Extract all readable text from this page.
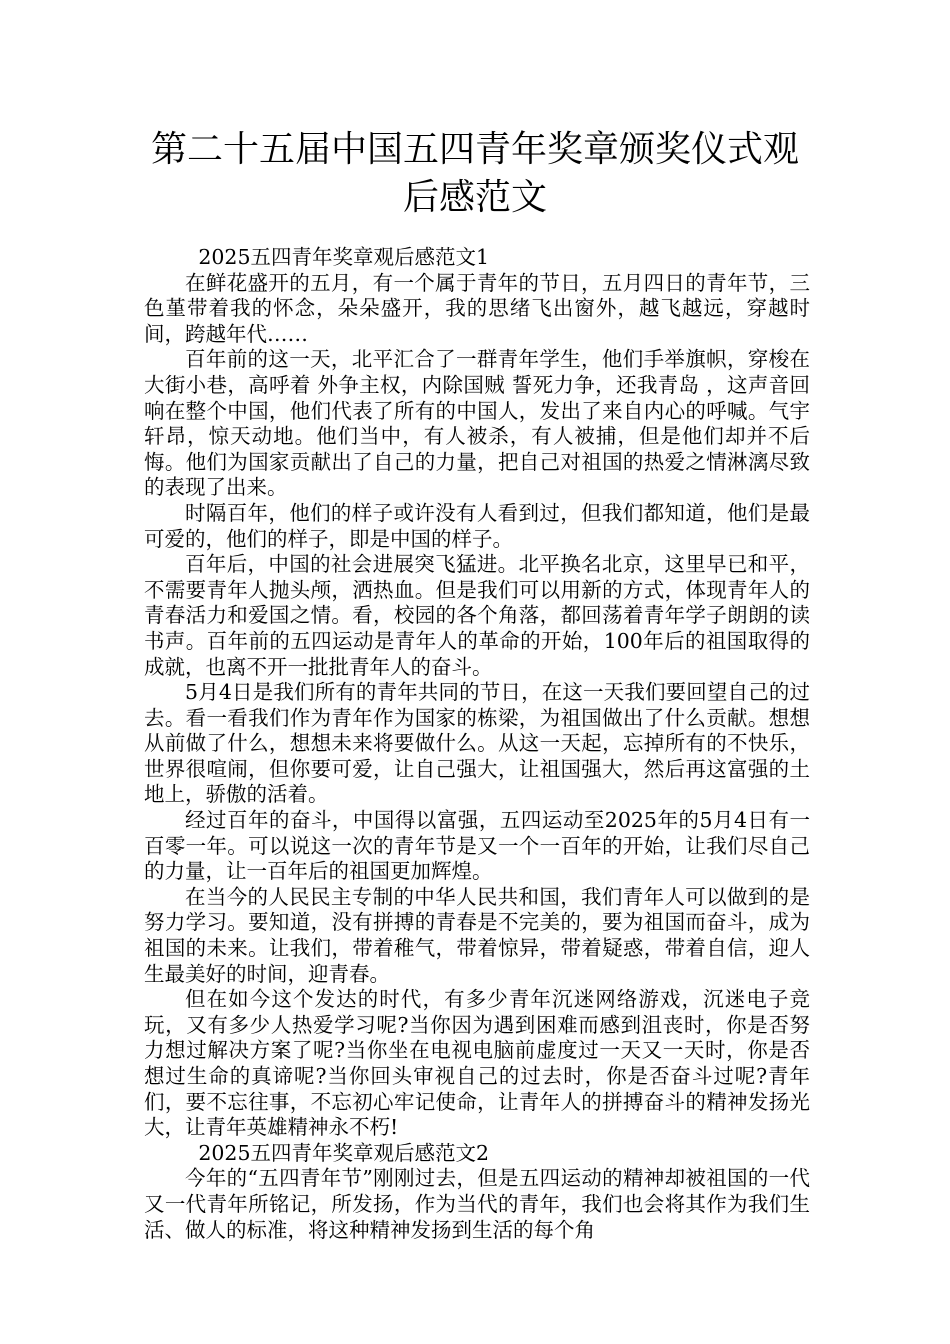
第二十五届中国五四青年奖章颁奖仪式观
后感范文

2025五四青年奖章观后感范文1

在鲜花盛开的五月，有一个属于青年的节日，五月四日的青年节，三色堇带着我的怀念，朵朵盛开，我的思绪飞出窗外，越飞越远，穿越时间，跨越年代……

百年前的这一天，北平汇合了一群青年学生，他们手举旗帜，穿梭在大街小巷，高呼着 外争主权，内除国贼 誓死力争，还我青岛 ，这声音回响在整个中国，他们代表了所有的中国人，发出了来自内心的呼喊。气宇轩昂，惊天动地。他们当中，有人被杀，有人被捕，但是他们却并不后悔。他们为国家贡献出了自己的力量，把自己对祖国的热爱之情淋漓尽致的表现了出来。

时隔百年，他们的样子或许没有人看到过，但我们都知道，他们是最可爱的，他们的样子，即是中国的样子。

百年后，中国的社会进展突飞猛进。北平换名北京，这里早已和平，不需要青年人抛头颅，洒热血。但是我们可以用新的方式，体现青年人的青春活力和爱国之情。看，校园的各个角落，都回荡着青年学子朗朗的读书声。百年前的五四运动是青年人的革命的开始，100年后的祖国取得的成就，也离不开一批批青年人的奋斗。

5月4日是我们所有的青年共同的节日，在这一天我们要回望自己的过去。看一看我们作为青年作为国家的栋梁，为祖国做出了什么贡献。想想从前做了什么，想想未来将要做什么。从这一天起，忘掉所有的不快乐，世界很喧闹，但你要可爱，让自己强大，让祖国强大，然后再这富强的土地上，骄傲的活着。

经过百年的奋斗，中国得以富强，五四运动至2025年的5月4日有一百零一年。可以说这一次的青年节是又一个一百年的开始，让我们尽自己的力量，让一百年后的祖国更加辉煌。

在当今的人民民主专制的中华人民共和国，我们青年人可以做到的是努力学习。要知道，没有拼搏的青春是不完美的，要为祖国而奋斗，成为祖国的未来。让我们，带着稚气，带着惊异，带着疑惑，带着自信，迎人生最美好的时间，迎青春。

但在如今这个发达的时代，有多少青年沉迷网络游戏，沉迷电子竞玩，又有多少人热爱学习呢?当你因为遇到困难而感到沮丧时，你是否努力想过解决方案了呢?当你坐在电视电脑前虚度过一天又一天时，你是否想过生命的真谛呢?当你回头审视自己的过去时，你是否奋斗过呢?青年们，要不忘往事，不忘初心牢记使命，让青年人的拼搏奋斗的精神发扬光大，让青年英雄精神永不朽!

2025五四青年奖章观后感范文2

今年的“五四青年节”刚刚过去，但是五四运动的精神却被祖国的一代又一代青年所铭记，所发扬，作为当代的青年，我们也会将其作为我们生活、做人的标准，将这种精神发扬到生活的每个角
